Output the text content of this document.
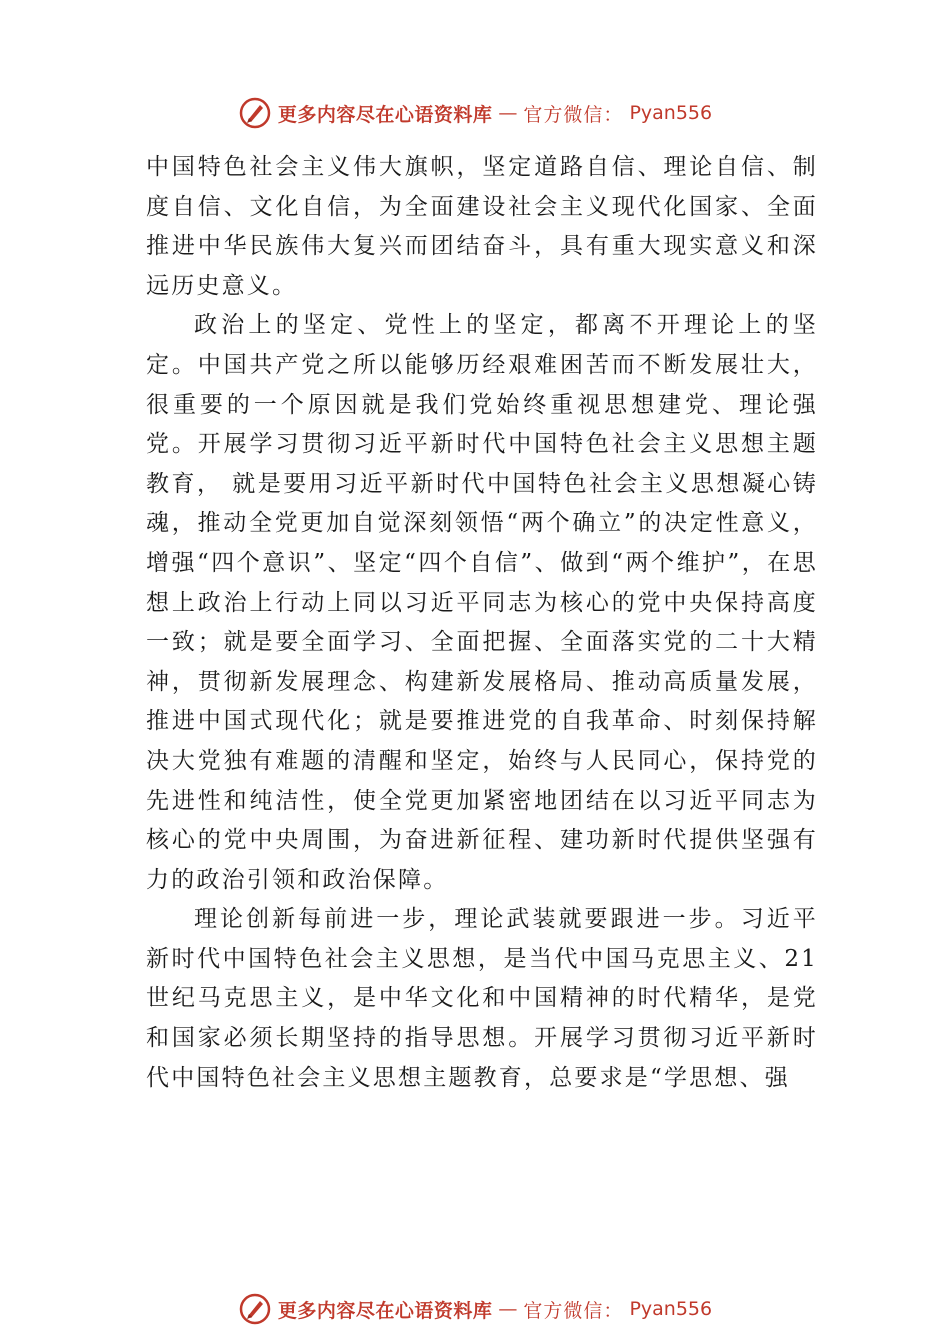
更多内容尽在心语资料库 — 官方微信： Pyan556

中国特色社会主义伟大旗帜，坚定道路自信、理论自信、制度自信、文化自信，为全面建设社会主义现代化国家、全面推进中华民族伟大复兴而团结奋斗，具有重大现实意义和深远历史意义。

政治上的坚定、党性上的坚定，都离不开理论上的坚定。中国共产党之所以能够历经艰难困苦而不断发展壮大，很重要的一个原因就是我们党始终重视思想建党、理论强党。开展学习贯彻习近平新时代中国特色社会主义思想主题教育， 就是要用习近平新时代中国特色社会主义思想凝心铸魂，推动全党更加自觉深刻领悟“两个确立”的决定性意义，增强“四个意识”、坚定“四个自信”、做到“两个维护”，在思想上政治上行动上同以习近平同志为核心的党中央保持高度一致；就是要全面学习、全面把握、全面落实党的二十大精神，贯彻新发展理念、构建新发展格局、推动高质量发展， 推进中国式现代化；就是要推进党的自我革命、时刻保持解决大党独有难题的清醒和坚定，始终与人民同心，保持党的先进性和纯洁性，使全党更加紧密地团结在以习近平同志为核心的党中央周围，为奋进新征程、建功新时代提供坚强有力的政治引领和政治保障。

理论创新每前进一步，理论武装就要跟进一步。习近平新时代中国特色社会主义思想，是当代中国马克思主义、21世纪马克思主义，是中华文化和中国精神的时代精华，是党和国家必须长期坚持的指导思想。开展学习贯彻习近平新时代中国特色社会主义思想主题教育，总要求是“学思想、强

更多内容尽在心语资料库 — 官方微信： Pyan556
